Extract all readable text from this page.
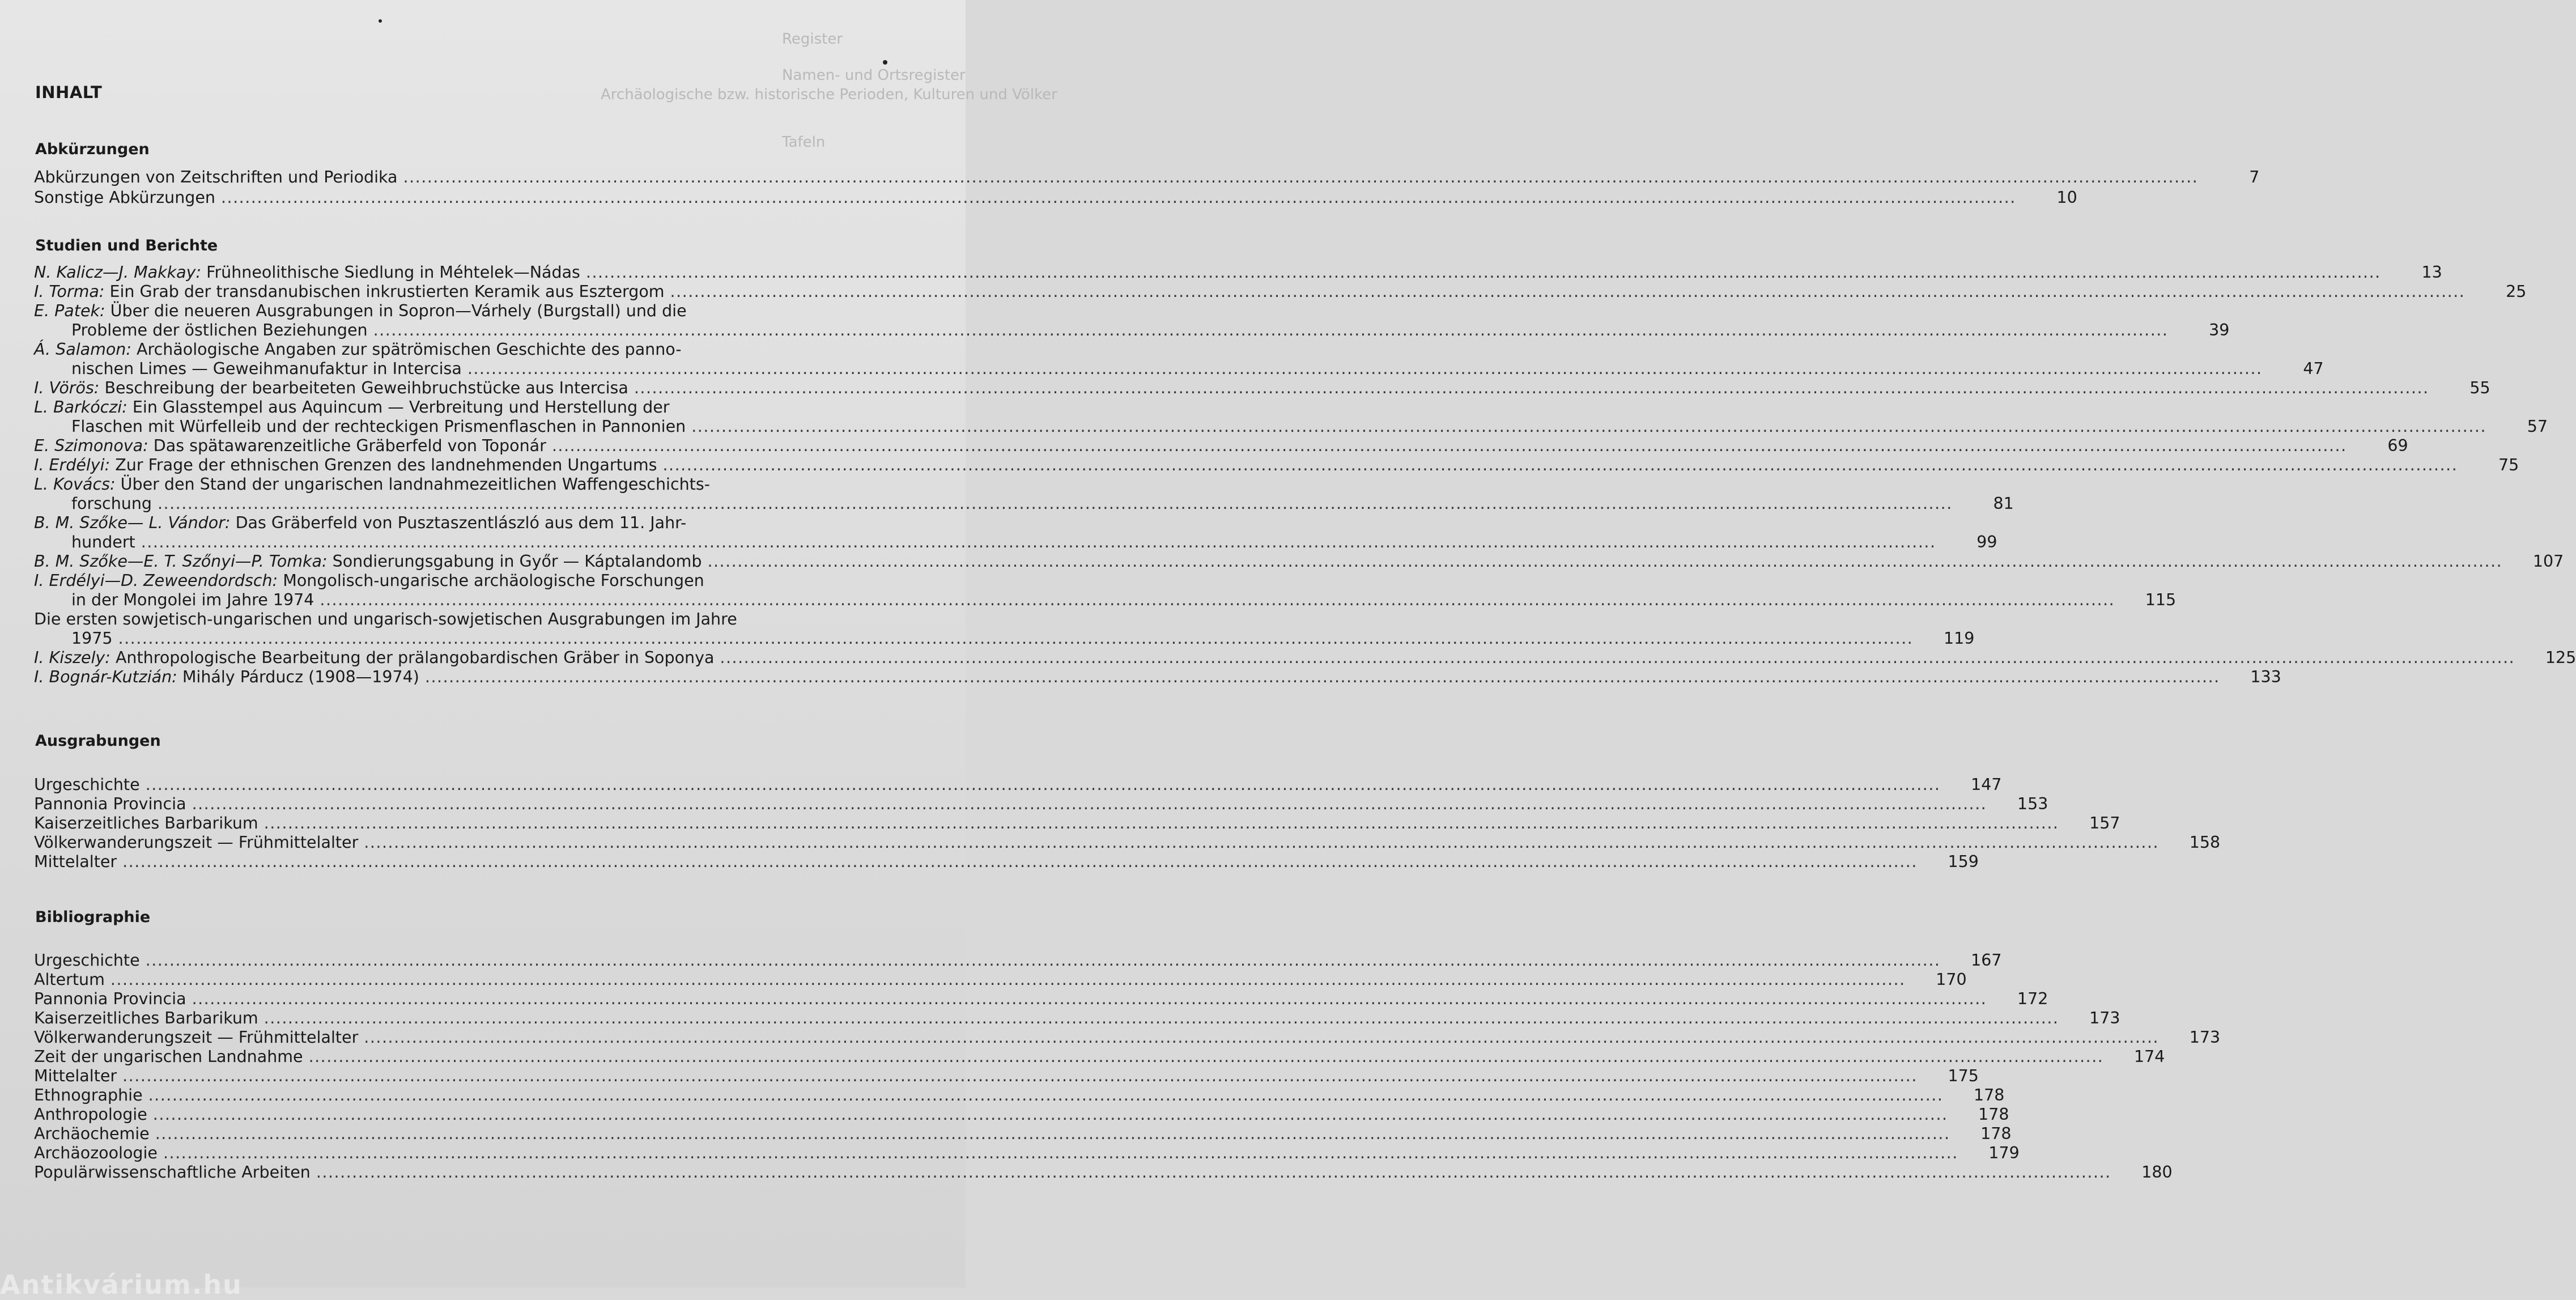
Register
Namen- und Ortsregister
Archäologische bzw. historische Perioden, Kulturen und Völker
Tafeln
INHALT
Abkürzungen
Abkürzungen von Zeitschriften und Periodika ............................................................................................................................................................................................................................................................................................................	7
Sonstige Abkürzungen ............................................................................................................................................................................................................................................................................................................	10
Studien und Berichte
N. Kalicz—J. Makkay: Frühneolithische Siedlung in Méhtelek—Nádas ............................................................................................................................................................................................................................................................................................................	13
I. Torma: Ein Grab der transdanubischen inkrustierten Keramik aus Esztergom ............................................................................................................................................................................................................................................................................................................	25
E. Patek: Über die neueren Ausgrabungen in Sopron—Várhely (Burgstall) und die
Probleme der östlichen Beziehungen ............................................................................................................................................................................................................................................................................................................	39
Á. Salamon: Archäologische Angaben zur spätrömischen Geschichte des panno-
nischen Limes — Geweihmanufaktur in Intercisa ............................................................................................................................................................................................................................................................................................................	47
I. Vörös: Beschreibung der bearbeiteten Geweihbruchstücke aus Intercisa ............................................................................................................................................................................................................................................................................................................	55
L. Barkóczi: Ein Glasstempel aus Aquincum — Verbreitung und Herstellung der
Flaschen mit Würfelleib und der rechteckigen Prismenflaschen in Pannonien ............................................................................................................................................................................................................................................................................................................	57
E. Szimonova: Das spätawarenzeitliche Gräberfeld von Toponár ............................................................................................................................................................................................................................................................................................................	69
I. Erdélyi: Zur Frage der ethnischen Grenzen des landnehmenden Ungartums ............................................................................................................................................................................................................................................................................................................	75
L. Kovács: Über den Stand der ungarischen landnahmezeitlichen Waffengeschichts-
forschung ............................................................................................................................................................................................................................................................................................................	81
B. M. Szőke— L. Vándor: Das Gräberfeld von Pusztaszentlászló aus dem 11. Jahr-
hundert ............................................................................................................................................................................................................................................................................................................	99
B. M. Szőke—E. T. Szőnyi—P. Tomka: Sondierungsgabung in Győr — Káptalandomb ............................................................................................................................................................................................................................................................................................................	107
I. Erdélyi—D. Zeweendordsch: Mongolisch-ungarische archäologische Forschungen
in der Mongolei im Jahre 1974 ............................................................................................................................................................................................................................................................................................................	115
Die ersten sowjetisch-ungarischen und ungarisch-sowjetischen Ausgrabungen im Jahre
1975 ............................................................................................................................................................................................................................................................................................................	119
I. Kiszely: Anthropologische Bearbeitung der prälangobardischen Gräber in Soponya ............................................................................................................................................................................................................................................................................................................	125
I. Bognár-Kutzián: Mihály Párducz (1908—1974) ............................................................................................................................................................................................................................................................................................................	133
Ausgrabungen
Urgeschichte ............................................................................................................................................................................................................................................................................................................	147
Pannonia Provincia ............................................................................................................................................................................................................................................................................................................	153
Kaiserzeitliches Barbarikum ............................................................................................................................................................................................................................................................................................................	157
Völkerwanderungszeit — Frühmittelalter ............................................................................................................................................................................................................................................................................................................	158
Mittelalter ............................................................................................................................................................................................................................................................................................................	159
Bibliographie
Urgeschichte ............................................................................................................................................................................................................................................................................................................	167
Altertum ............................................................................................................................................................................................................................................................................................................	170
Pannonia Provincia ............................................................................................................................................................................................................................................................................................................	172
Kaiserzeitliches Barbarikum ............................................................................................................................................................................................................................................................................................................	173
Völkerwanderungszeit — Frühmittelalter ............................................................................................................................................................................................................................................................................................................	173
Zeit der ungarischen Landnahme ............................................................................................................................................................................................................................................................................................................	174
Mittelalter ............................................................................................................................................................................................................................................................................................................	175
Ethnographie ............................................................................................................................................................................................................................................................................................................	178
Anthropologie ............................................................................................................................................................................................................................................................................................................	178
Archäochemie ............................................................................................................................................................................................................................................................................................................	178
Archäozoologie ............................................................................................................................................................................................................................................................................................................	179
Populärwissenschaftliche Arbeiten ............................................................................................................................................................................................................................................................................................................	180
Antikvárium.hu
